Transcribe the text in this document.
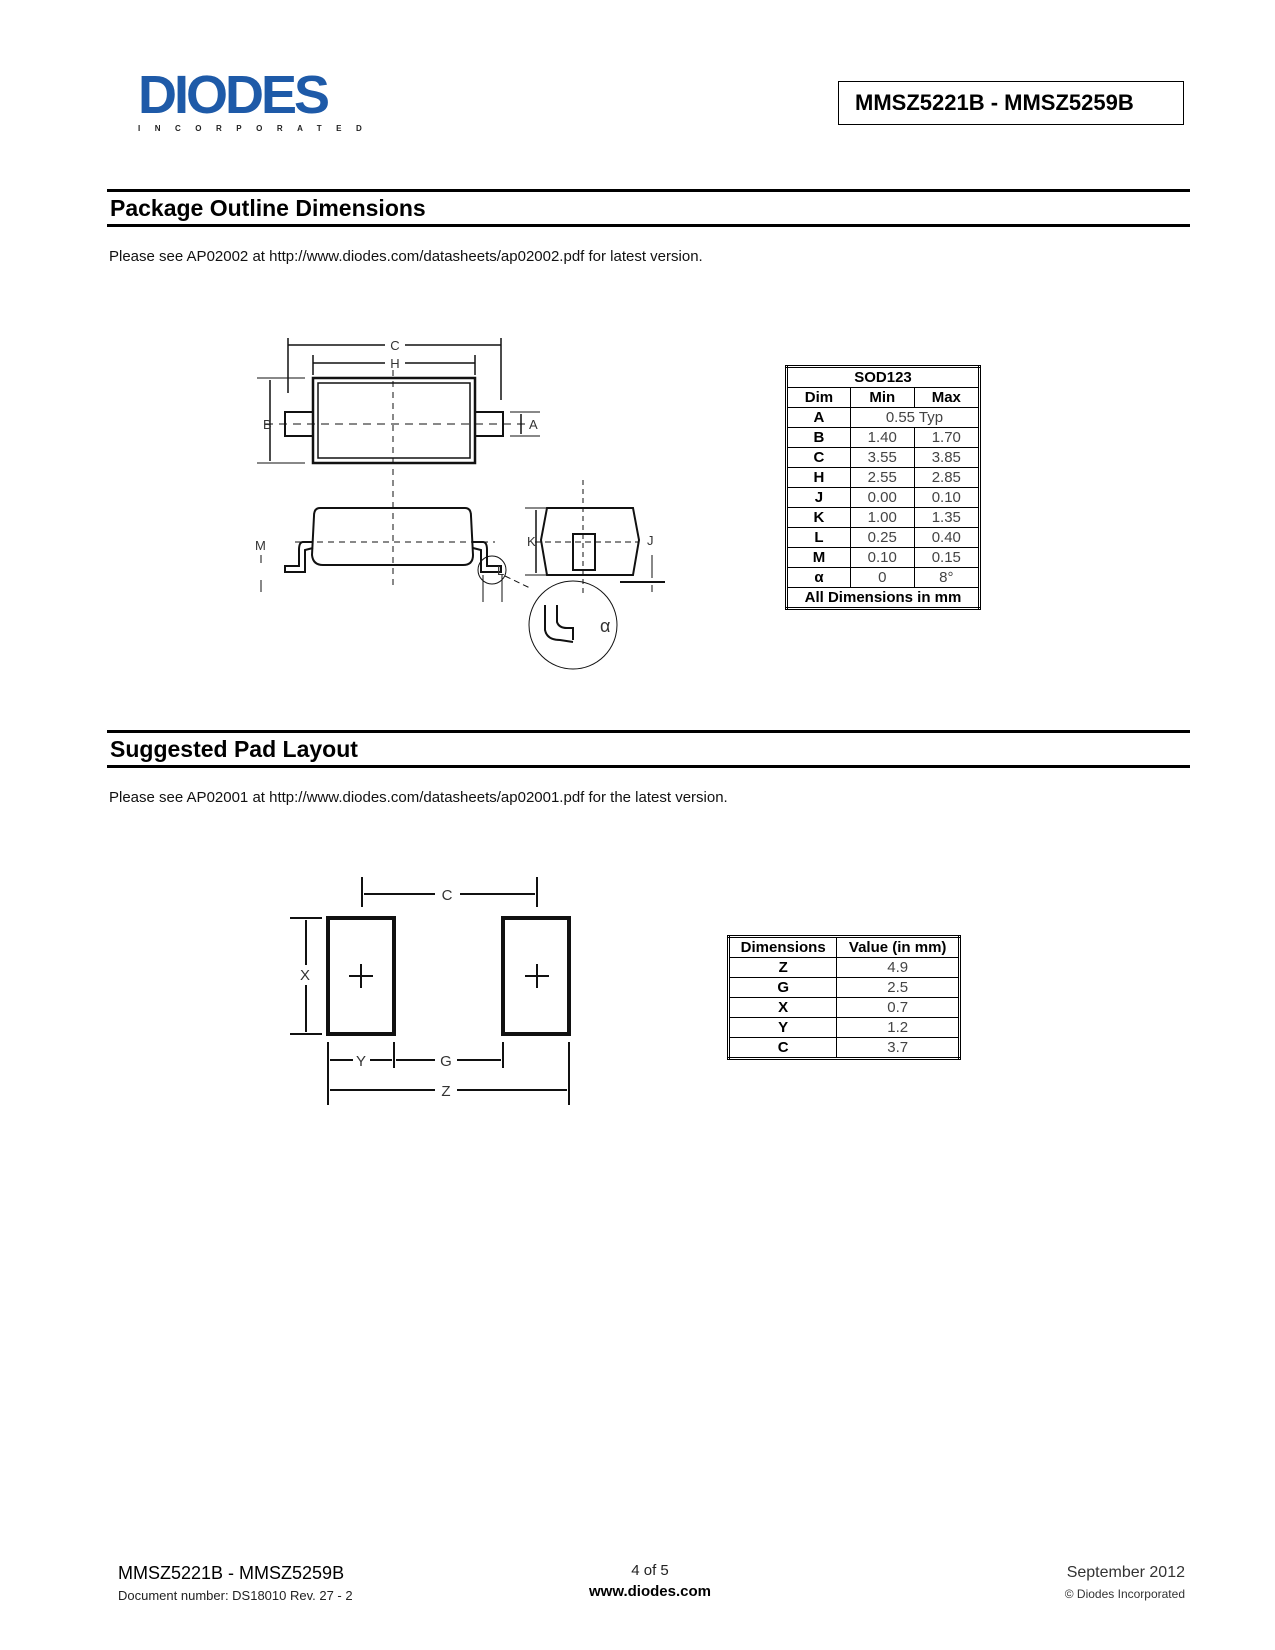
DIODES
INCORPORATED
MMSZ5221B - MMSZ5259B
Package Outline Dimensions
Please see AP02002 at http://www.diodes.com/datasheets/ap02002.pdf for latest version.
C
H
B	A
L
M	K	J
α
SOD123		
Dim	Min	Max
A	0.55 Typ	
B	1.40	1.70
C	3.55	3.85
H	2.55	2.85
J	0.00	0.10
K	1.00	1.35
L	0.25	0.40
M	0.10	0.15
α	0	8°
All Dimensions in mm		
Suggested Pad Layout
Please see AP02001 at http://www.diodes.com/datasheets/ap02001.pdf for the latest version.
C
X
Y	G
Z
Dimensions	Value (in mm)
Z	4.9
G	2.5
X	0.7
Y	1.2
C	3.7
MMSZ5221B - MMSZ5259B
Document number: DS18010 Rev. 27 - 2
4 of 5
www.diodes.com
September 2012
© Diodes Incorporated
